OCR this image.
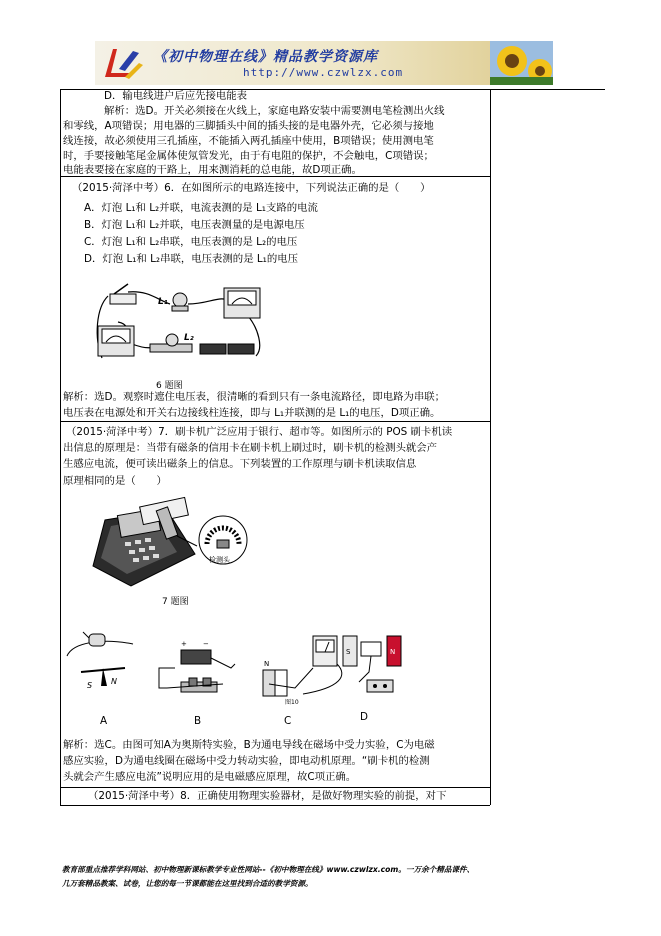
《初中物理在线》精品教学资源库
http://www.czwlzx.com
D．输电线进户后应先接电能表
解析：选D。开关必须接在火线上，家庭电路安装中需要测电笔检测出火线
和零线，A项错误；用电器的三脚插头中间的插头接的是电器外壳，它必须与接地
线连接，故必须使用三孔插座，不能插入两孔插座中使用，B项错误；使用测电笔
时，手要接触笔尾金属体使氖管发光，由于有电阻的保护，不会触电，C项错误；
电能表要接在家庭的干路上，用来测消耗的总电能，故D项正确。
（2015·菏泽中考）6．在如图所示的电路连接中，下列说法正确的是（　　）
A．灯泡 L₁和 L₂并联，电流表测的是 L₁支路的电流
B．灯泡 L₁和 L₂并联，电压表测量的是电源电压
C．灯泡 L₁和 L₂串联，电压表测的是 L₂的电压
D．灯泡 L₁和 L₂串联，电压表测的是 L₁的电压
L₁
L₂
6 题图
解析：选D。观察时遮住电压表，很清晰的看到只有一条电流路径，即电路为串联；
电压表在电源处和开关右边接线柱连接，即与 L₁并联测的是 L₁的电压，D项正确。
（2015·菏泽中考）7．刷卡机广泛应用于银行、超市等。如图所示的 POS 刷卡机读
出信息的原理是：当带有磁条的信用卡在刷卡机上刷过时，刷卡机的检测头就会产
生感应电流，便可读出磁条上的信息。下列装置的工作原理与刷卡机读取信息
原理相同的是（　　）
检测头
7 题图
S N
+ −
N
图10
S	N
A	B	C	D
解析：选C。由图可知A为奥斯特实验，B为通电导线在磁场中受力实验，C为电磁
感应实验，D为通电线圈在磁场中受力转动实验，即电动机原理。“刷卡机的检测
头就会产生感应电流”说明应用的是电磁感应原理，故C项正确。
（2015·菏泽中考）8．正确使用物理实验器材，是做好物理实验的前提，对下
教育部重点推荐学科网站、初中物理新课标教学专业性网站--《初中物理在线》www.czwlzx.com。一万余个精品课件、
几万套精品教案、试卷，让您的每一节课都能在这里找到合适的教学资源。
